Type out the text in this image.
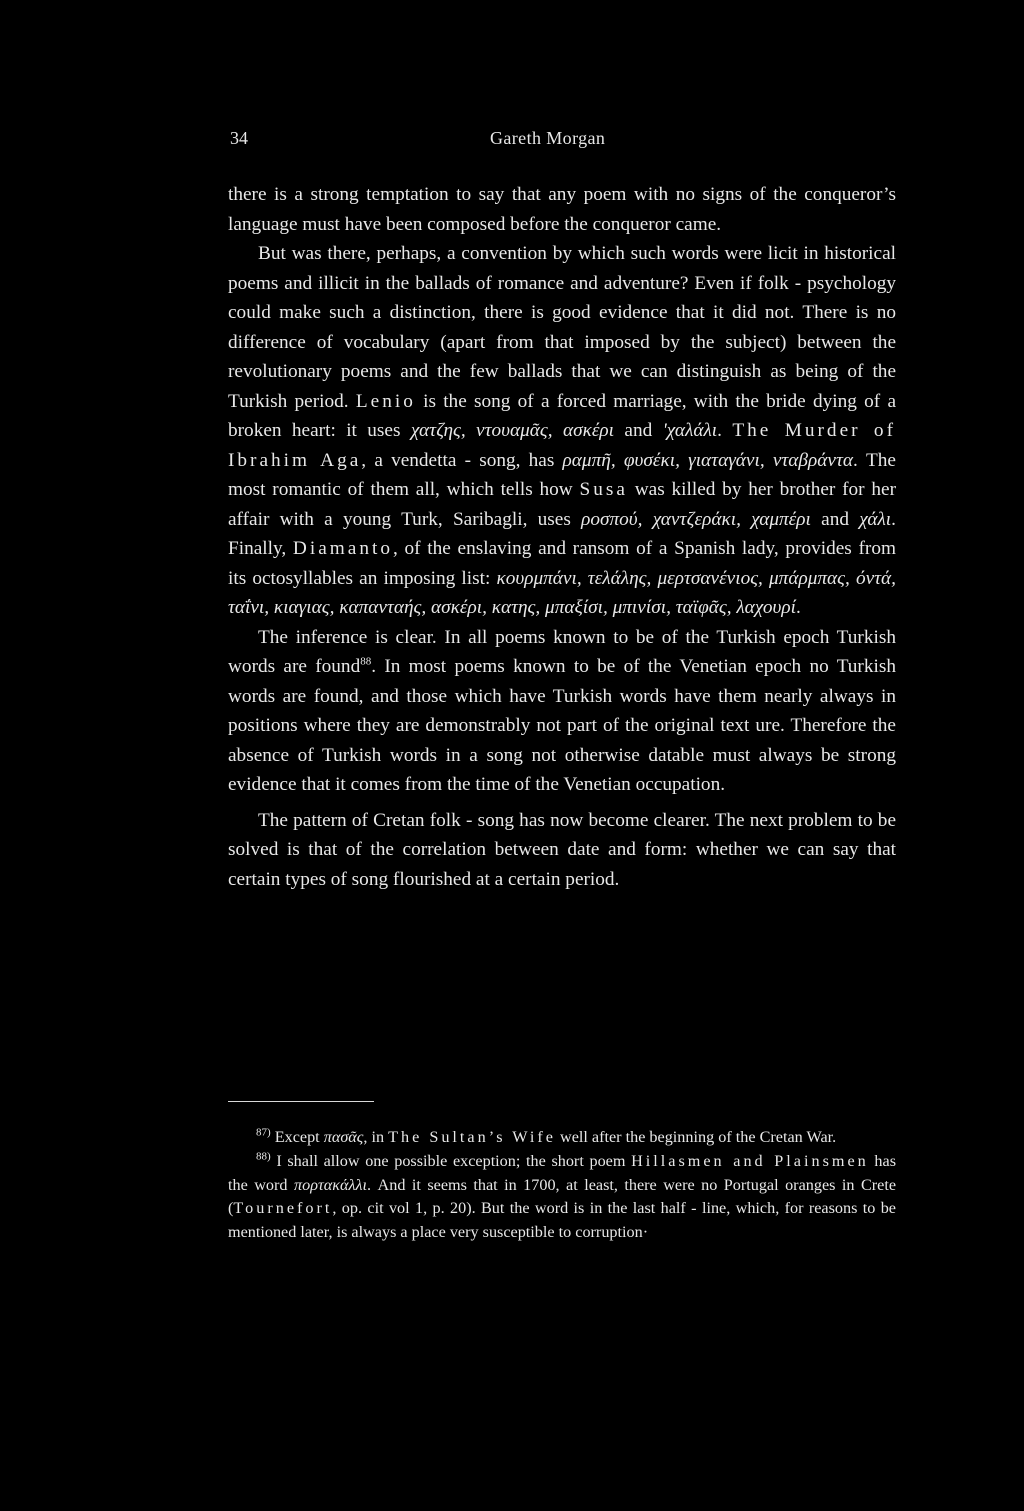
34	Gareth Morgan

there is a strong temptation to say that any poem with no signs of the conqueror’s language must have been composed before the conqueror came.

But was there, perhaps, a convention by which such words were licit in historical poems and illicit in the ballads of romance and adventure? Even if folk - psychology could make such a distinction, there is good evidence that it did not. There is no difference of vocabulary (apart from that imposed by the subject) between the revolutionary poems and the few ballads that we can distinguish as being of the Turkish period. Lenio is the song of a forced marriage, with the bride dying of a broken heart: it uses χατζης, ντουαμᾶς, ασκέρι and ʹχαλάλι. The Murder of Ibrahim Aga, a vendetta - song, has ραμπῆ, φυσέκι, γιαταγάνι, νταβράντα. The most romantic of them all, which tells how Susa was killed by her brother for her affair with a young Turk, Saribagli, uses ροσπού, χαντζεράκι, χαμπέρι and χάλι. Finally, Diamanto, of the enslaving and ransom of a Spanish lady, provides from its octosyllables an imposing list: κουρμπάνι, τελάλης, μερτσανένιος, μπάρμπας, όντά, ταΐνι, κιαγιας, καπανταής, ασκέρι, κατης, μπαξίσι, μπινίσι, ταϊφᾶς, λαχουρί.

The inference is clear. In all poems known to be of the Turkish epoch Turkish words are found$^{88}$. In most poems known to be of the Venetian epoch no Turkish words are found, and those which have Turkish words have them nearly always in positions where they are demonstrably not part of the original text ure. Therefore the absence of Turkish words in a song not otherwise datable must always be strong evidence that it comes from the time of the Venetian occupation.

The pattern of Cretan folk - song has now become clearer. The next problem to be solved is that of the correlation between date and form: whether we can say that certain types of song flourished at a certain period.

$^{87)}$ Except πασᾶς, in The Sultan’s Wife well after the beginning of the Cretan War.

$^{88)}$ I shall allow one possible exception; the short poem Hillasmen and Plainsmen has the word πορτακάλλι. And it seems that in 1700, at least, there were no Portugal oranges in Crete (Tournefort, op. cit vol 1, p. 20). But the word is in the last half - line, which, for reasons to be mentioned later, is always a place very susceptible to corruption·
